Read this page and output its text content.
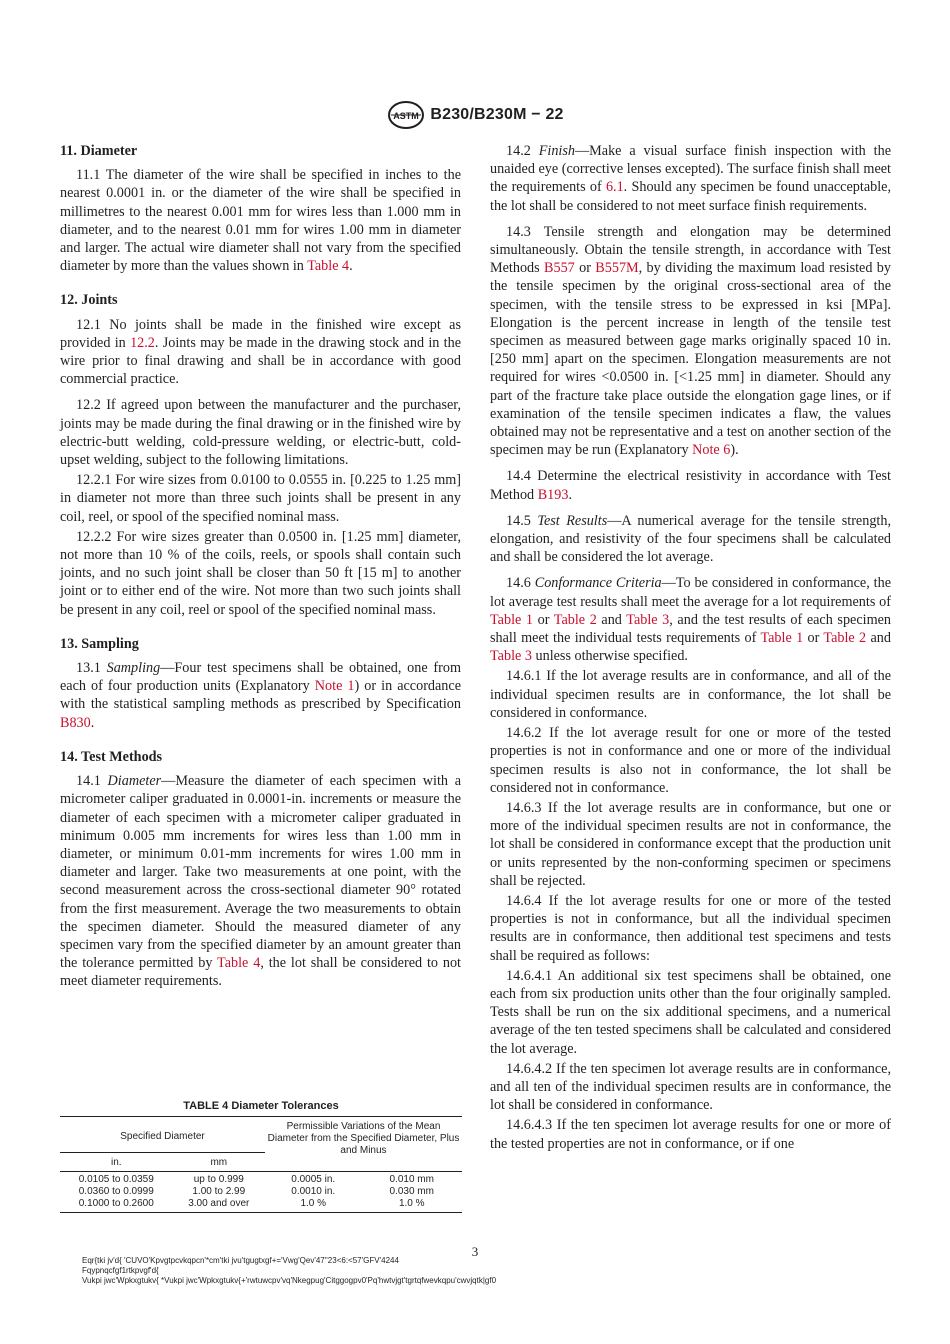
ASTM B230/B230M − 22
11. Diameter

11.1 The diameter of the wire shall be specified in inches to the nearest 0.0001 in. or the diameter of the wire shall be specified in millimetres to the nearest 0.001 mm for wires less than 1.000 mm in diameter, and to the nearest 0.01 mm for wires 1.00 mm in diameter and larger. The actual wire diameter shall not vary from the specified diameter by more than the values shown in Table 4.

12. Joints

12.1 No joints shall be made in the finished wire except as provided in 12.2. Joints may be made in the drawing stock and in the wire prior to final drawing and shall be in accordance with good commercial practice.

12.2 If agreed upon between the manufacturer and the purchaser, joints may be made during the final drawing or in the finished wire by electric-butt welding, cold-pressure welding, or electric-butt, cold-upset welding, subject to the following limitations.

12.2.1 For wire sizes from 0.0100 to 0.0555 in. [0.225 to 1.25 mm] in diameter not more than three such joints shall be present in any coil, reel, or spool of the specified nominal mass.

12.2.2 For wire sizes greater than 0.0500 in. [1.25 mm] diameter, not more than 10 % of the coils, reels, or spools shall contain such joints, and no such joint shall be closer than 50 ft [15 m] to another joint or to either end of the wire. Not more than two such joints shall be present in any coil, reel or spool of the specified nominal mass.

13. Sampling

13.1 Sampling—Four test specimens shall be obtained, one from each of four production units (Explanatory Note 1) or in accordance with the statistical sampling methods as prescribed by Specification B830.

14. Test Methods

14.1 Diameter—Measure the diameter of each specimen with a micrometer caliper graduated in 0.0001-in. increments or measure the diameter of each specimen with a micrometer caliper graduated in minimum 0.005 mm increments for wires less than 1.00 mm in diameter, or minimum 0.01-mm increments for wires 1.00 mm in diameter and larger. Take two measurements at one point, with the second measurement across the cross-sectional diameter 90° rotated from the first measurement. Average the two measurements to obtain the specimen diameter. Should the measured diameter of any specimen vary from the specified diameter by an amount greater than the tolerance permitted by Table 4, the lot shall be considered to not meet diameter requirements.

TABLE 4 Diameter Tolerances
Specified Diameter		Permissible Variations of the Mean Diameter from the Specified Diameter, Plus and Minus	

in.	mm		
0.0105 to 0.0359	up to 0.999	0.0005 in.	0.010 mm
0.0360 to 0.0999	1.00 to 2.99	0.0010 in.	0.030 mm
0.1000 to 0.2600	3.00 and over	1.0 %	1.0 %

14.2 Finish—Make a visual surface finish inspection with the unaided eye (corrective lenses excepted). The surface finish shall meet the requirements of 6.1. Should any specimen be found unacceptable, the lot shall be considered to not meet surface finish requirements.

14.3 Tensile strength and elongation may be determined simultaneously. Obtain the tensile strength, in accordance with Test Methods B557 or B557M, by dividing the maximum load resisted by the tensile specimen by the original cross-sectional area of the specimen, with the tensile stress to be expressed in ksi [MPa]. Elongation is the percent increase in length of the tensile test specimen as measured between gage marks originally spaced 10 in. [250 mm] apart on the specimen. Elongation measurements are not required for wires <0.0500 in. [<1.25 mm] in diameter. Should any part of the fracture take place outside the elongation gage lines, or if examination of the tensile specimen indicates a flaw, the values obtained may not be representative and a test on another section of the specimen may be run (Explanatory Note 6).

14.4 Determine the electrical resistivity in accordance with Test Method B193.

14.5 Test Results—A numerical average for the tensile strength, elongation, and resistivity of the four specimens shall be calculated and shall be considered the lot average.

14.6 Conformance Criteria—To be considered in conformance, the lot average test results shall meet the average for a lot requirements of Table 1 or Table 2 and Table 3, and the test results of each specimen shall meet the individual tests requirements of Table 1 or Table 2 and Table 3 unless otherwise specified.

14.6.1 If the lot average results are in conformance, and all of the individual specimen results are in conformance, the lot shall be considered in conformance.

14.6.2 If the lot average result for one or more of the tested properties is not in conformance and one or more of the individual specimen results is also not in conformance, the lot shall be considered not in conformance.

14.6.3 If the lot average results are in conformance, but one or more of the individual specimen results are not in conformance, the lot shall be considered in conformance except that the production unit or units represented by the non-conforming specimen or specimens shall be rejected.

14.6.4 If the lot average results for one or more of the tested properties is not in conformance, but all the individual specimen results are in conformance, then additional test specimens and tests shall be required as follows:

14.6.4.1 An additional six test specimens shall be obtained, one each from six production units other than the four originally sampled. Tests shall be run on the six additional specimens, and a numerical average of the ten tested specimens shall be calculated and considered the lot average.

14.6.4.2 If the ten specimen lot average results are in conformance, and all ten of the individual specimen results are in conformance, the lot shall be considered in conformance.

14.6.4.3 If the ten specimen lot average results for one or more of the tested properties are not in conformance, or if one

3
Eqr{tki jv'd{ 'CUVO'Kpvgtpcvkqpcn'*cm'tki jvu'tgugtxgf+='Vwg'Qev'47''23<6:<57'GFV'4244
Fqypnqcfgf1rtkpvgf'd{
Vukpi jwc'Wpkxgtukv{ *Vukpi jwc'Wpkxgtukv{+'rwtuwcpv'vq'Nkegpug'Citggogpv0'Pq'hwtvjgt'tgrtqfwevkqpu'cwvjqtk|gf0
